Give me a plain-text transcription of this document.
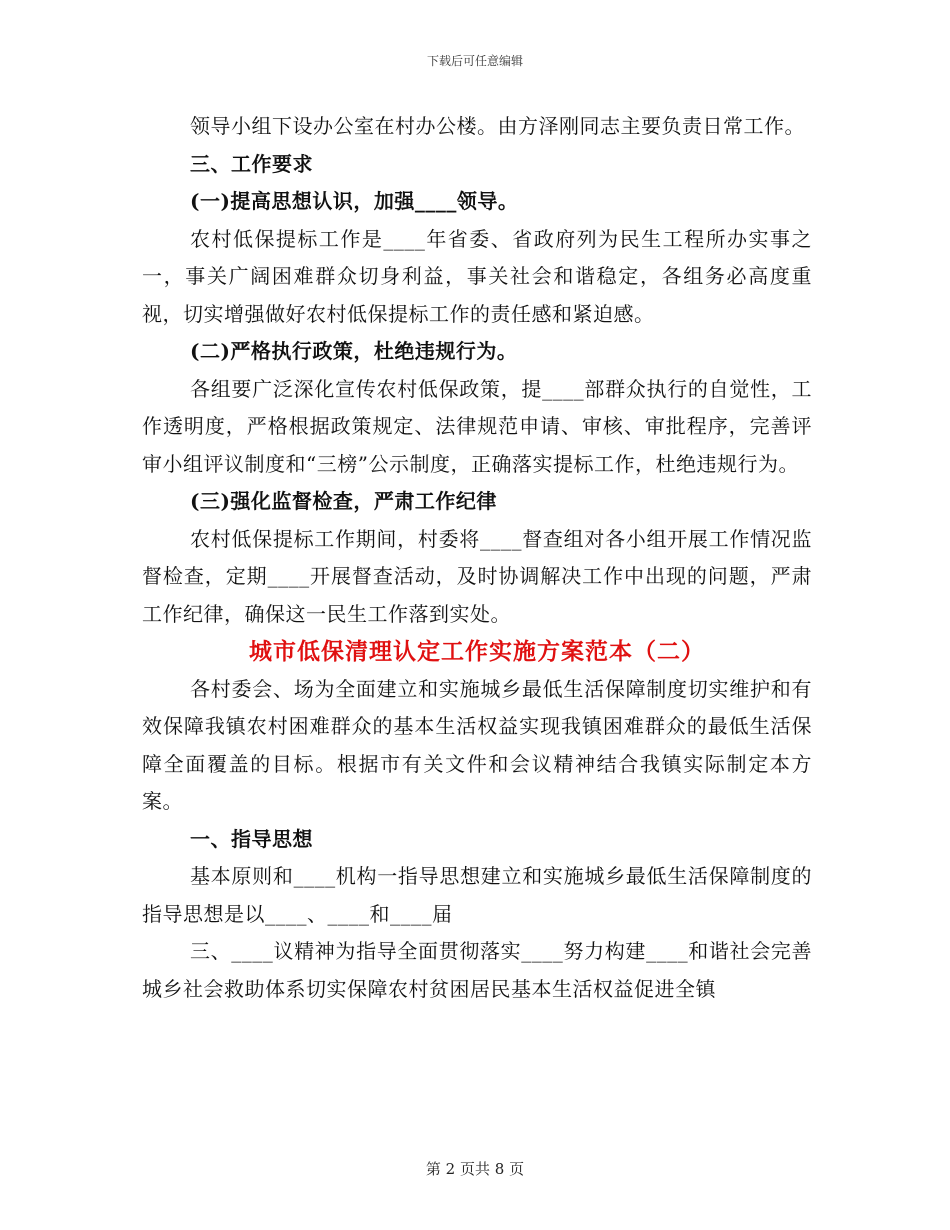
下载后可任意编辑

领导小组下设办公室在村办公楼。由方泽刚同志主要负责日常工作。

三、工作要求

(一)提高思想认识，加强____领导。

农村低保提标工作是____年省委、省政府列为民生工程所办实事之一，事关广阔困难群众切身利益，事关社会和谐稳定，各组务必高度重视，切实增强做好农村低保提标工作的责任感和紧迫感。

(二)严格执行政策，杜绝违规行为。

各组要广泛深化宣传农村低保政策，提____部群众执行的自觉性，工作透明度，严格根据政策规定、法律规范申请、审核、审批程序，完善评审小组评议制度和“三榜”公示制度，正确落实提标工作，杜绝违规行为。

(三)强化监督检查，严肃工作纪律

农村低保提标工作期间，村委将____督查组对各小组开展工作情况监督检查，定期____开展督查活动，及时协调解决工作中出现的问题，严肃工作纪律，确保这一民生工作落到实处。

城市低保清理认定工作实施方案范本（二）

各村委会、场为全面建立和实施城乡最低生活保障制度切实维护和有效保障我镇农村困难群众的基本生活权益实现我镇困难群众的最低生活保障全面覆盖的目标。根据市有关文件和会议精神结合我镇实际制定本方案。

一、指导思想

基本原则和____机构一指导思想建立和实施城乡最低生活保障制度的指导思想是以____、____和____届

三、____议精神为指导全面贯彻落实____努力构建____和谐社会完善城乡社会救助体系切实保障农村贫困居民基本生活权益促进全镇

第 2 页共 8 页
